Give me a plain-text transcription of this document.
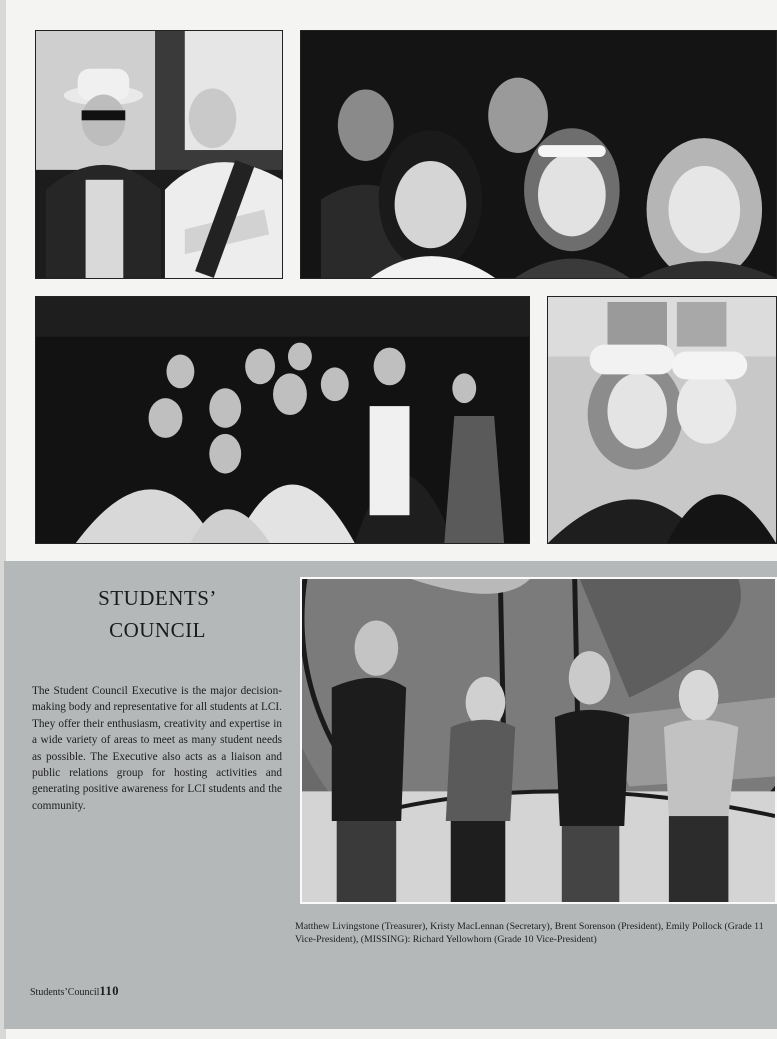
STUDENTS’
COUNCIL
The Student Council Executive is the major decision-making body and representative for all students at LCI. They offer their enthusiasm, creativity and expertise in a wide variety of areas to meet as many student needs as possible. The Executive also acts as a liaison and public relations group for hosting activities and generating positive awareness for LCI students and the community.
Matthew Livingstone (Treasurer), Kristy MacLennan (Secretary), Brent Sorenson (President), Emily Pollock (Grade 11 Vice-President), (MISSING): Richard Yellowhorn (Grade 10 Vice-President)
Students’Council110
